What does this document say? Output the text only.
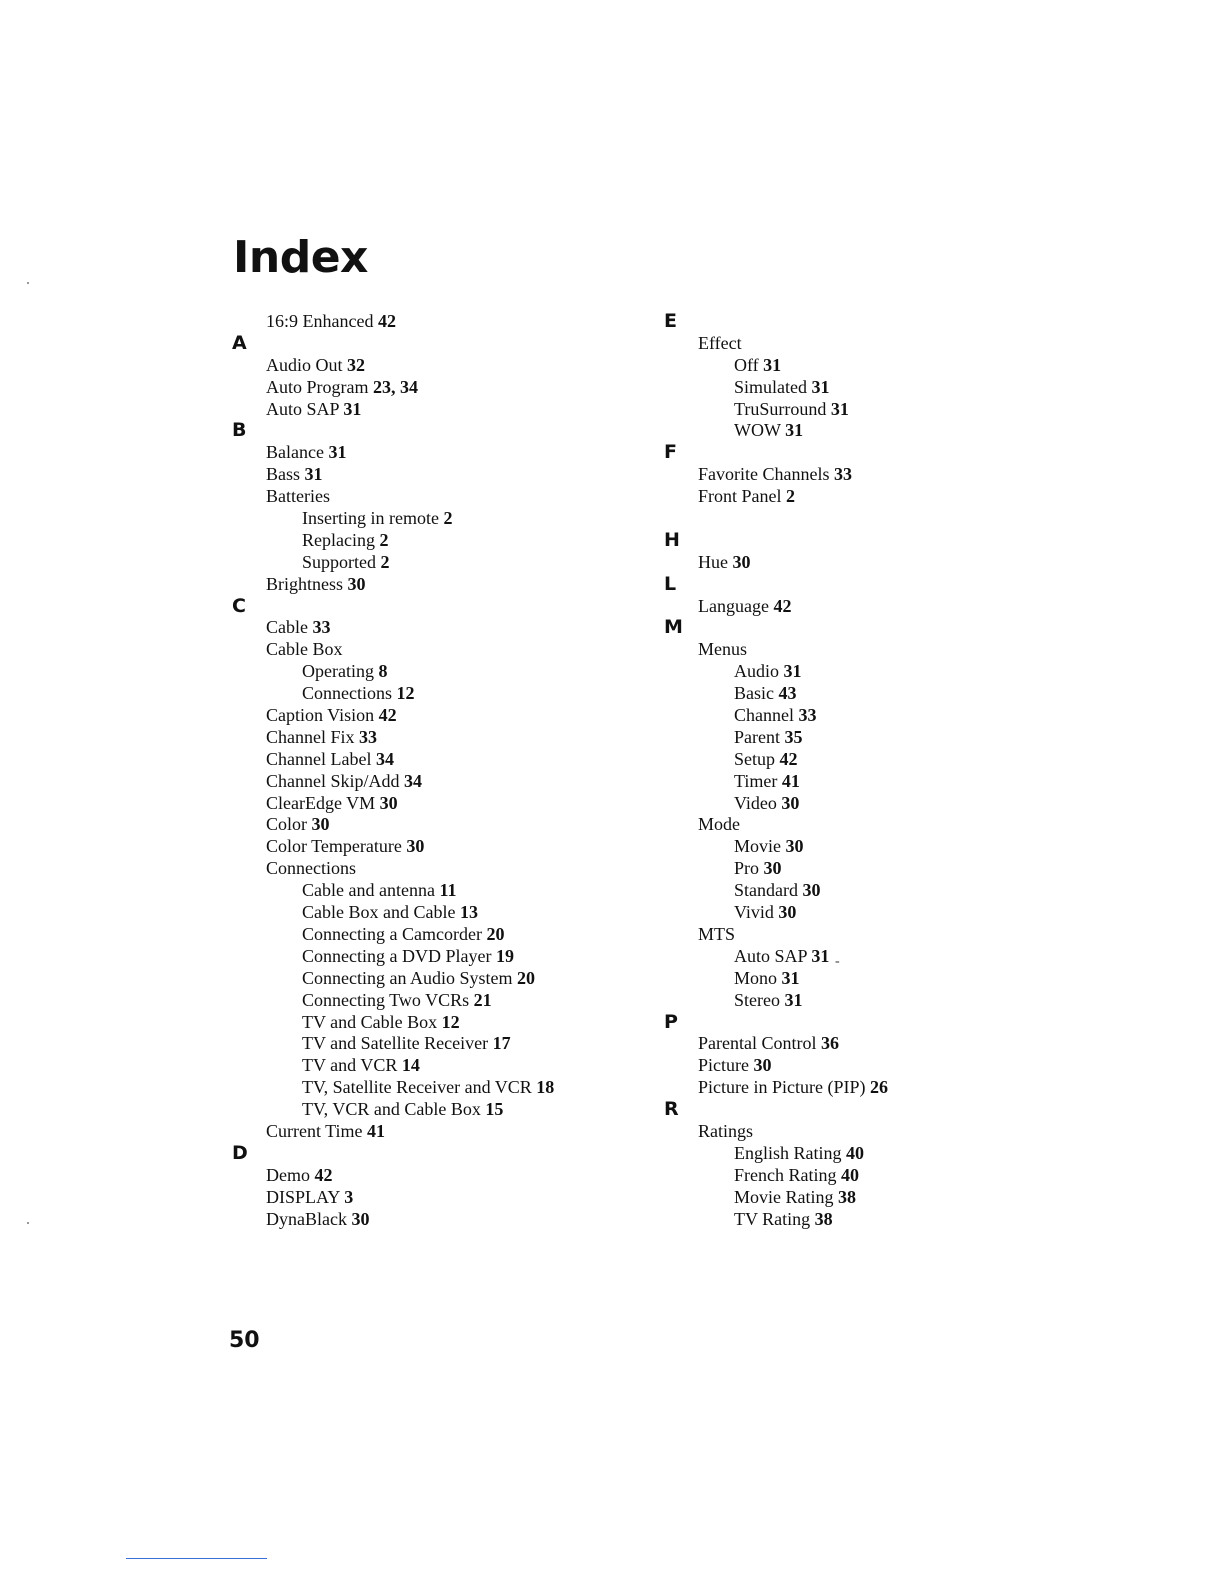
Index
16:9 Enhanced 42
A
Audio Out 32
Auto Program 23, 34
Auto SAP 31
B
Balance 31
Bass 31
Batteries
Inserting in remote 2
Replacing 2
Supported 2
Brightness 30
C
Cable 33
Cable Box
Operating 8
Connections 12
Caption Vision 42
Channel Fix 33
Channel Label 34
Channel Skip/Add 34
ClearEdge VM 30
Color 30
Color Temperature 30
Connections
Cable and antenna 11
Cable Box and Cable 13
Connecting a Camcorder 20
Connecting a DVD Player 19
Connecting an Audio System 20
Connecting Two VCRs 21
TV and Cable Box 12
TV and Satellite Receiver 17
TV and VCR 14
TV, Satellite Receiver and VCR 18
TV, VCR and Cable Box 15
Current Time 41
D
Demo 42
DISPLAY 3
DynaBlack 30
E
Effect
Off 31
Simulated 31
TruSurround 31
WOW 31
F
Favorite Channels 33
Front Panel 2
H
Hue 30
L
Language 42
M
Menus
Audio 31
Basic 43
Channel 33
Parent 35
Setup 42
Timer 41
Video 30
Mode
Movie 30
Pro 30
Standard 30
Vivid 30
MTS
Auto SAP 31
Mono 31
Stereo 31
P
Parental Control 36
Picture 30
Picture in Picture (PIP) 26
R
Ratings
English Rating 40
French Rating 40
Movie Rating 38
TV Rating 38
-
50
